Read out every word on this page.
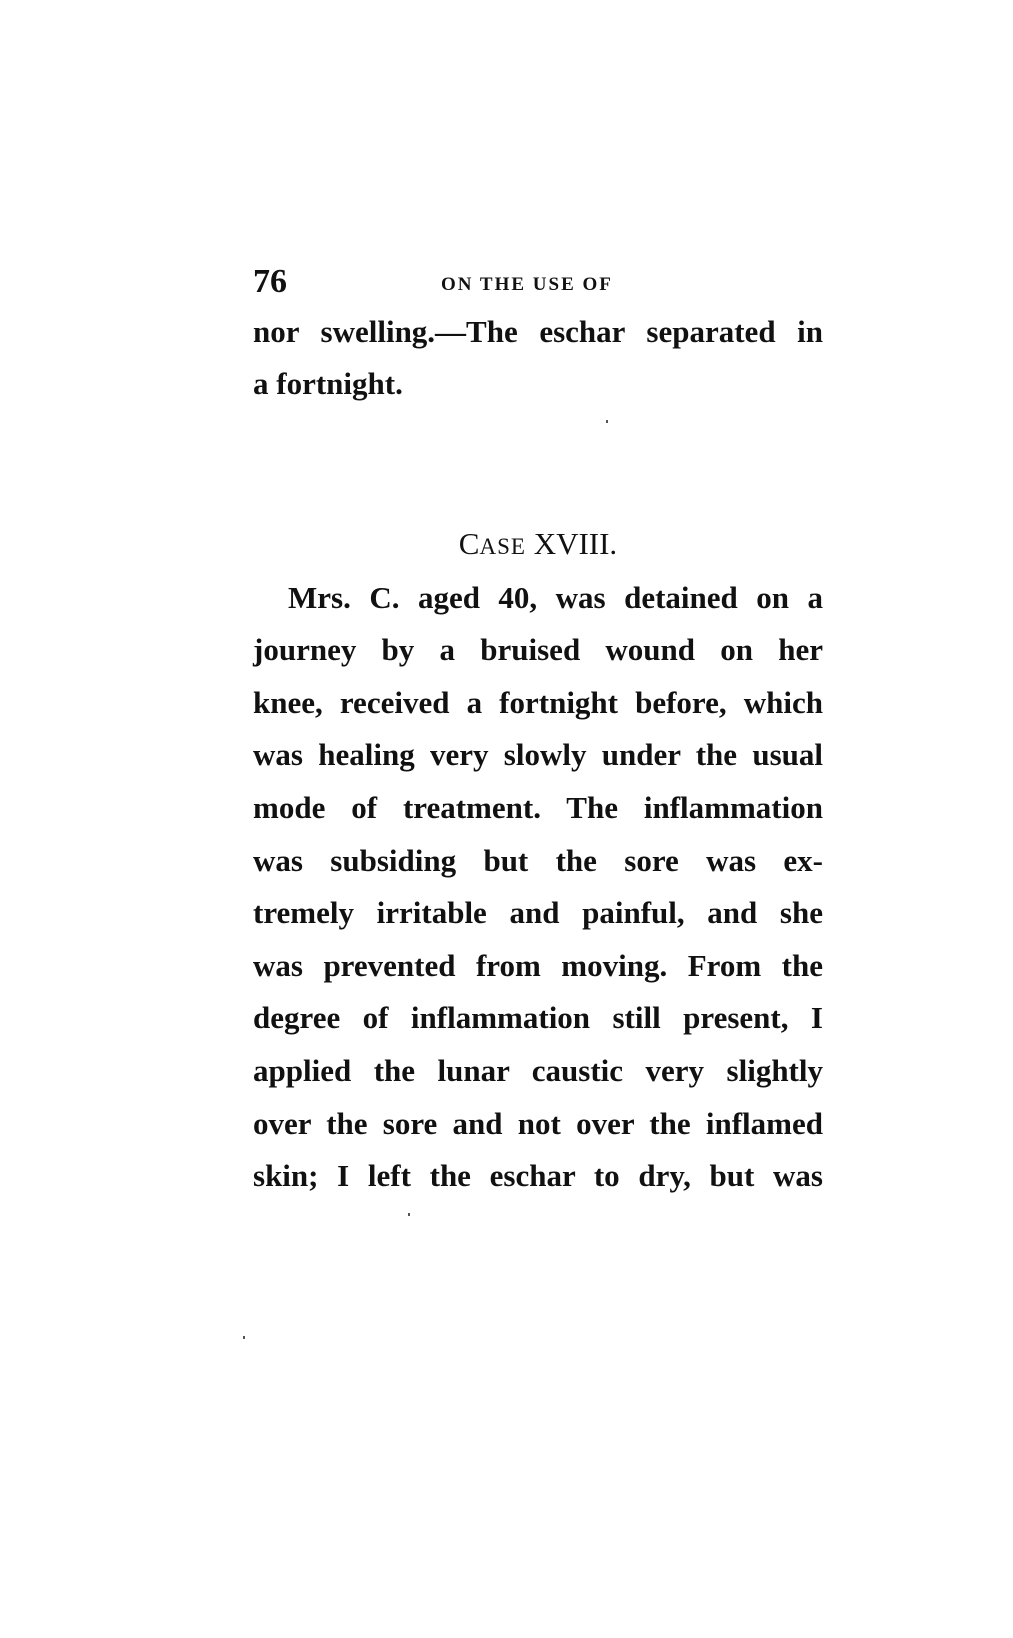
76	ON THE USE OF
nor swelling.—The eschar separated in
a fortnight.
CASE XVIII.
Mrs. C. aged 40, was detained on a
journey by a bruised wound on her
knee, received a fortnight before, which
was healing very slowly under the usual
mode of treatment. The inflammation
was subsiding but the sore was ex-
tremely irritable and painful, and she
was prevented from moving. From the
degree of inflammation still present, I
applied the lunar caustic very slightly
over the sore and not over the inflamed
skin; I left the eschar to dry, but was
